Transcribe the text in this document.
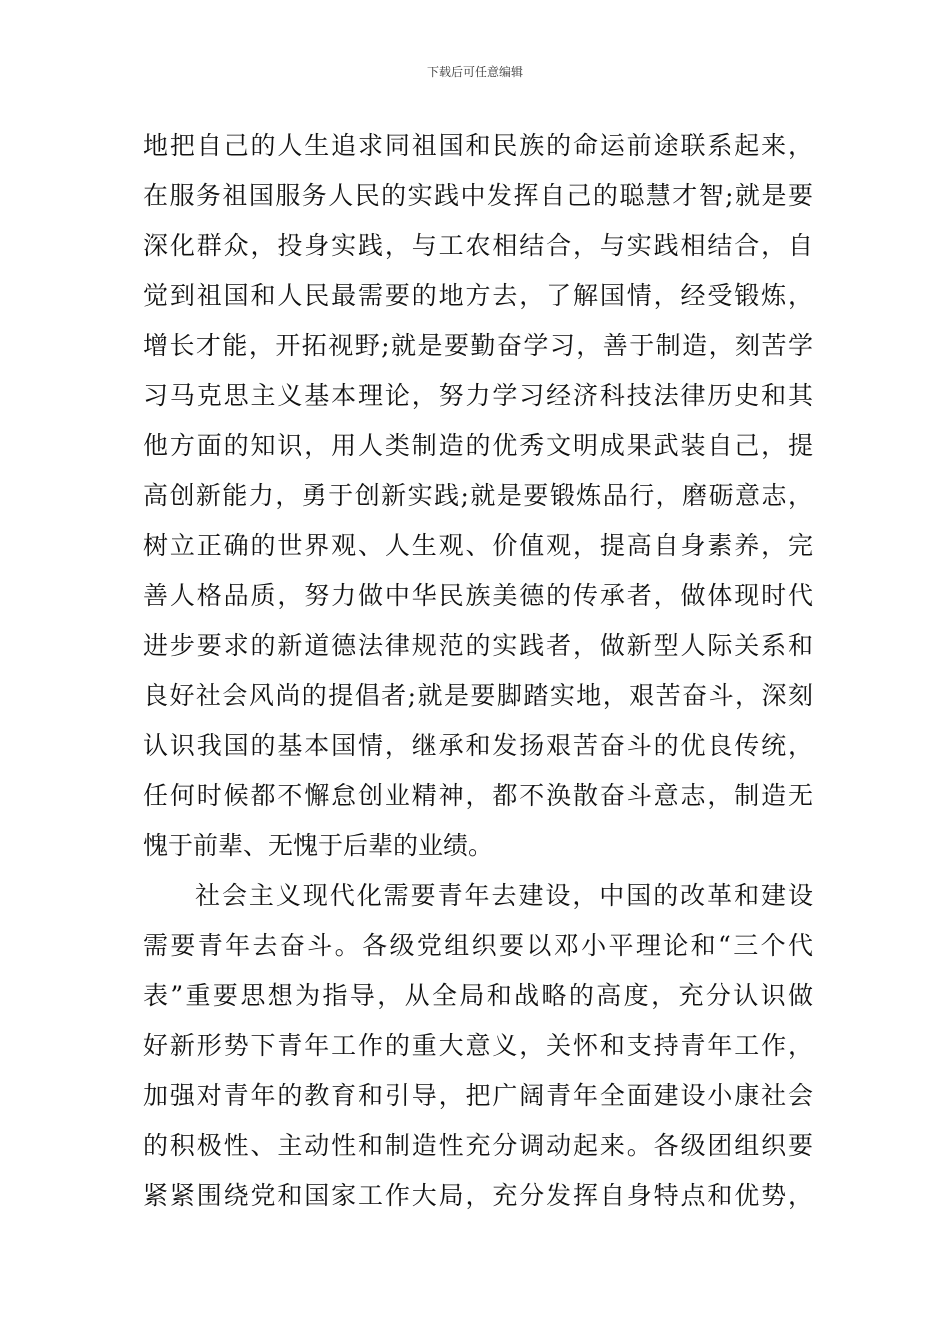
下载后可任意编辑
地把自己的人生追求同祖国和民族的命运前途联系起来，
在服务祖国服务人民的实践中发挥自己的聪慧才智;就是要
深化群众，投身实践，与工农相结合，与实践相结合，自
觉到祖国和人民最需要的地方去，了解国情，经受锻炼，
增长才能，开拓视野;就是要勤奋学习，善于制造，刻苦学
习马克思主义基本理论，努力学习经济科技法律历史和其
他方面的知识，用人类制造的优秀文明成果武装自己，提
高创新能力，勇于创新实践;就是要锻炼品行，磨砺意志，
树立正确的世界观、人生观、价值观，提高自身素养，完
善人格品质，努力做中华民族美德的传承者，做体现时代
进步要求的新道德法律规范的实践者，做新型人际关系和
良好社会风尚的提倡者;就是要脚踏实地，艰苦奋斗，深刻
认识我国的基本国情，继承和发扬艰苦奋斗的优良传统，
任何时候都不懈怠创业精神，都不涣散奋斗意志，制造无
愧于前辈、无愧于后辈的业绩。
社会主义现代化需要青年去建设，中国的改革和建设
需要青年去奋斗。各级党组织要以邓小平理论和“三个代
表”重要思想为指导，从全局和战略的高度，充分认识做
好新形势下青年工作的重大意义，关怀和支持青年工作，
加强对青年的教育和引导，把广阔青年全面建设小康社会
的积极性、主动性和制造性充分调动起来。各级团组织要
紧紧围绕党和国家工作大局，充分发挥自身特点和优势，
